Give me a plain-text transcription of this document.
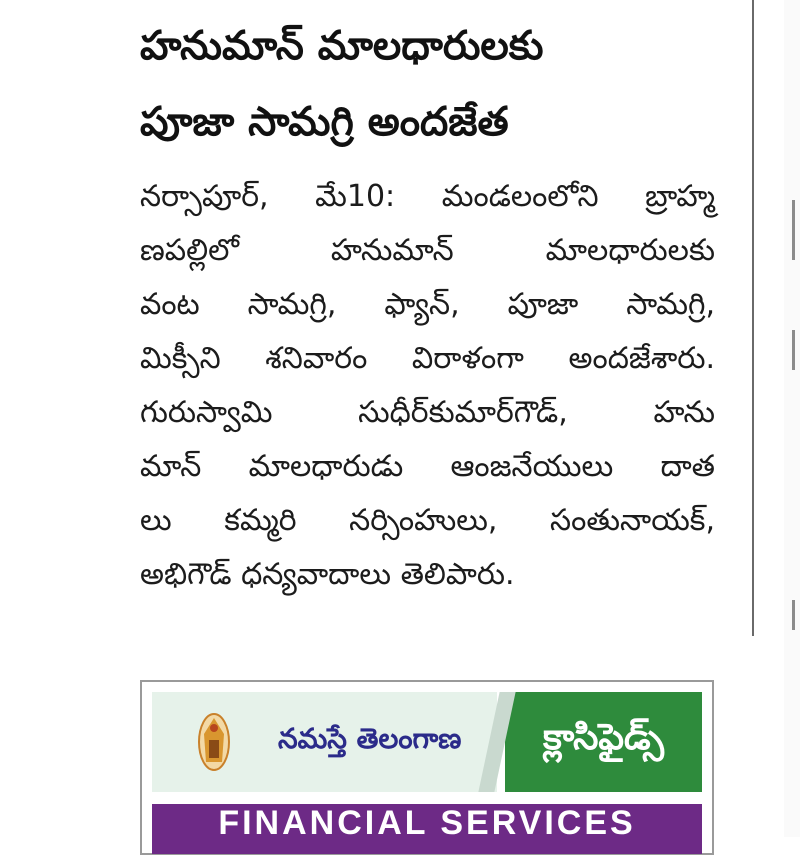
హనుమాన్ మాలధారులకు
పూజా సామగ్రి అందజేత
నర్సాపూర్, మే10: మండలంలోని బ్రాహ్మ
ణపల్లిలో హనుమాన్ మాలధారులకు
వంట సామగ్రి, ఫ్యాన్, పూజా సామగ్రి,
మిక్సీని శనివారం విరాళంగా అందజేశారు.
గురుస్వామి సుధీర్‌కుమార్‌గౌడ్, హను
మాన్ మాలధారుడు ఆంజనేయులు దాత
లు కమ్మరి నర్సింహులు, సంతునాయక్,
అభిగౌడ్ ధన్యవాదాలు తెలిపారు.
నమస్తే తెలంగాణ క్లాసిఫైడ్స్
FINANCIAL SERVICES
